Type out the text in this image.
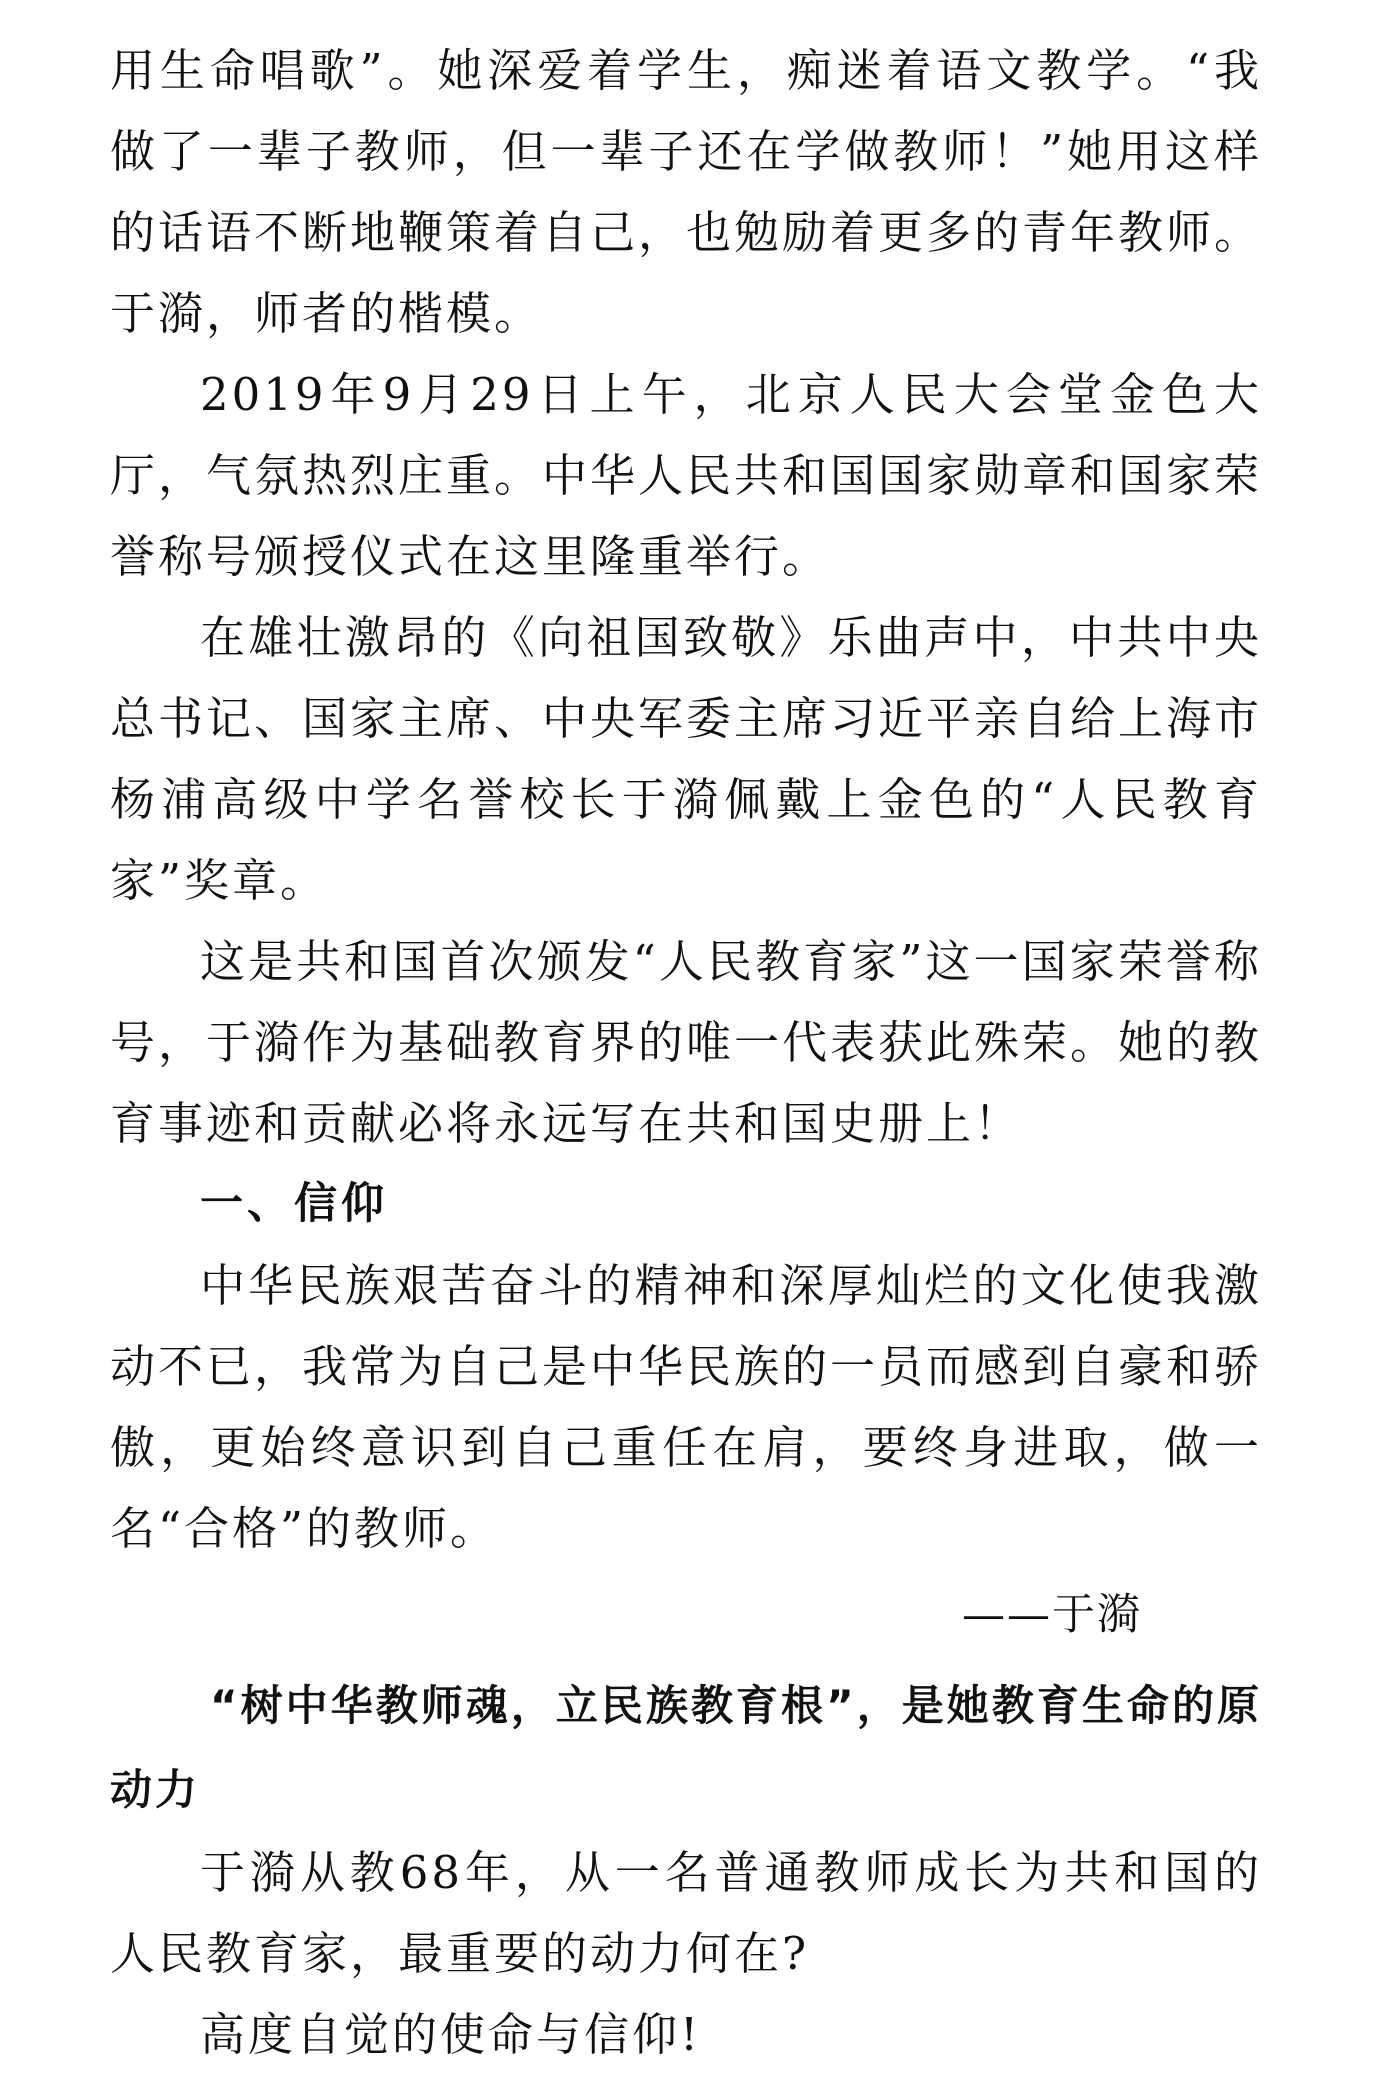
用生命唱歌”。她深爱着学生，痴迷着语文教学。“我做了一辈子教师，但一辈子还在学做教师！”她用这样的话语不断地鞭策着自己，也勉励着更多的青年教师。于漪，师者的楷模。

2019年9月29日上午，北京人民大会堂金色大厅，气氛热烈庄重。中华人民共和国国家勋章和国家荣誉称号颁授仪式在这里隆重举行。

在雄壮激昂的《向祖国致敬》乐曲声中，中共中央总书记、国家主席、中央军委主席习近平亲自给上海市杨浦高级中学名誉校长于漪佩戴上金色的“人民教育家”奖章。

这是共和国首次颁发“人民教育家”这一国家荣誉称号，于漪作为基础教育界的唯一代表获此殊荣。她的教育事迹和贡献必将永远写在共和国史册上！

一、信仰

中华民族艰苦奋斗的精神和深厚灿烂的文化使我激动不已，我常为自己是中华民族的一员而感到自豪和骄傲，更始终意识到自己重任在肩，要终身进取，做一名“合格”的教师。

——于漪

“树中华教师魂，立民族教育根”，是她教育生命的原动力

于漪从教68年，从一名普通教师成长为共和国的人民教育家，最重要的动力何在?

高度自觉的使命与信仰!
